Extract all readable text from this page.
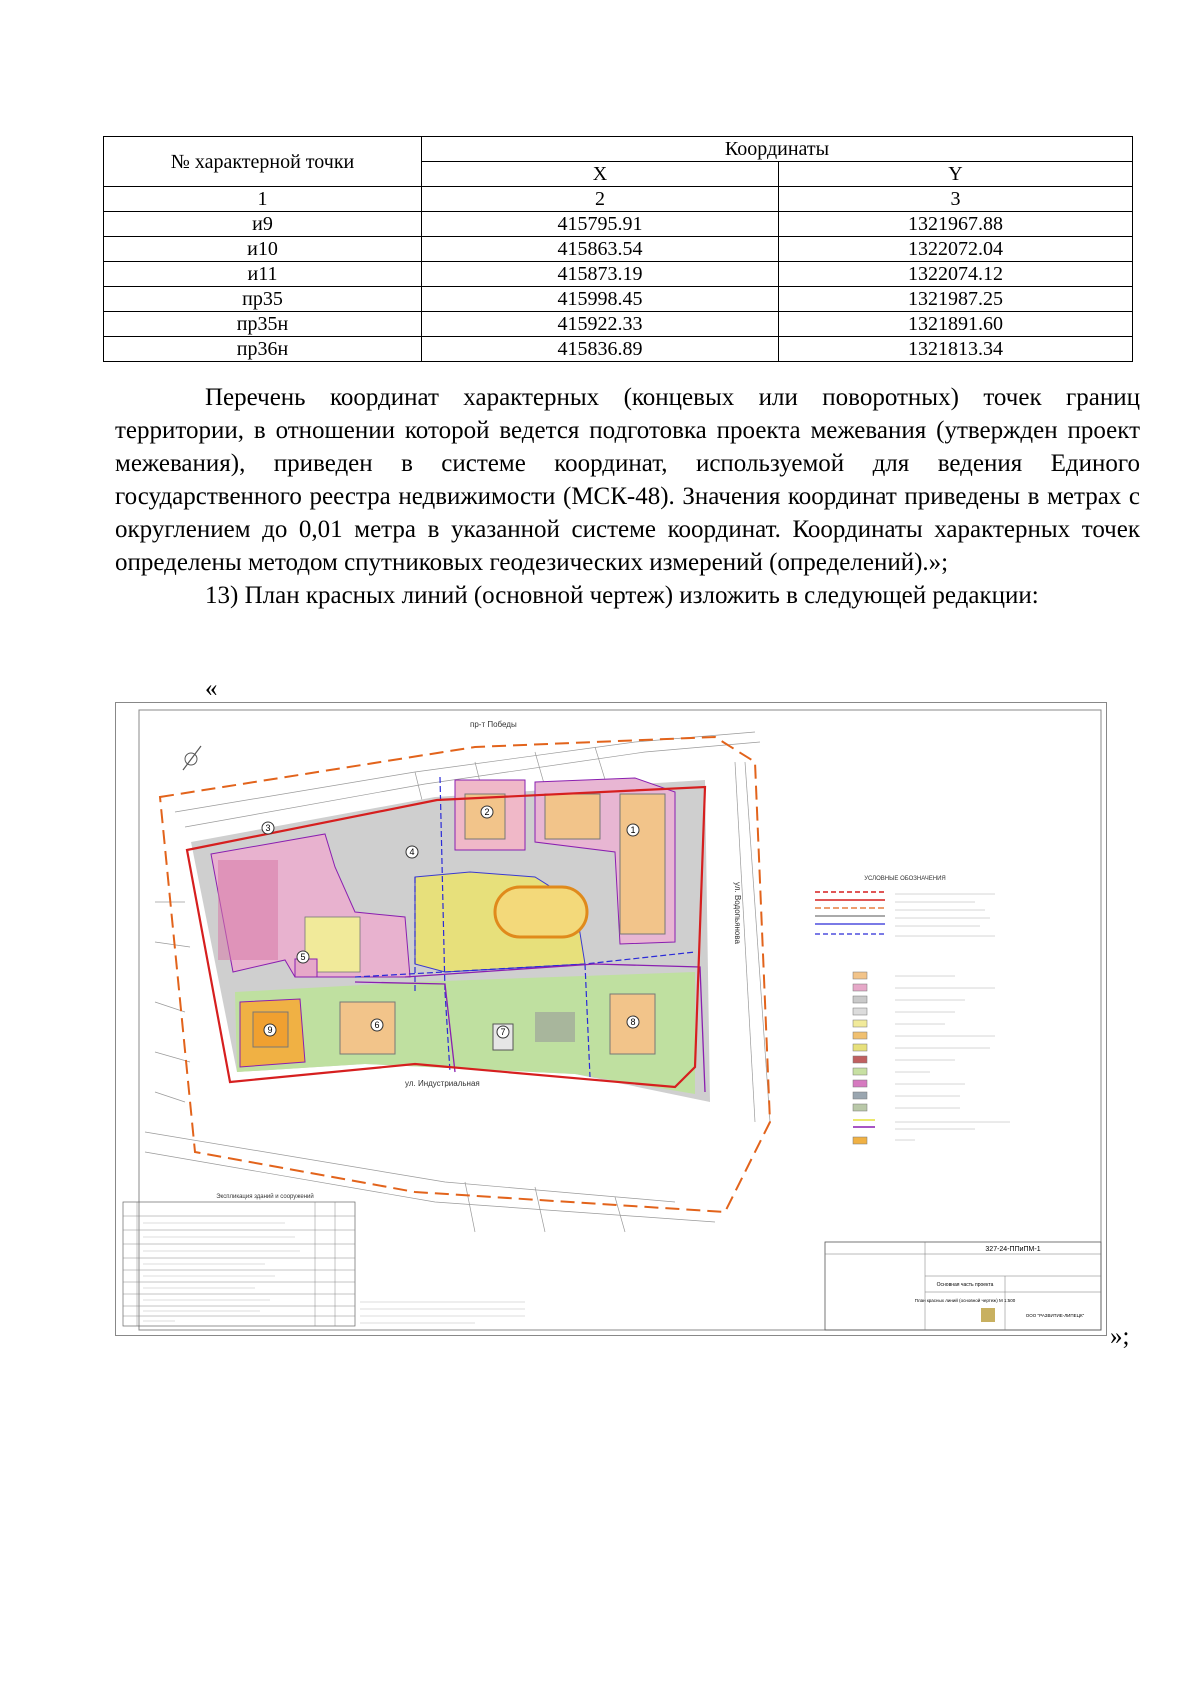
№ характерной точки	Координаты	
	X	Y
1	2	3
и9	415795.91	1321967.88
и10	415863.54	1322072.04
и11	415873.19	1322074.12
пр35	415998.45	1321987.25
пр35н	415922.33	1321891.60
пр36н	415836.89	1321813.34

Перечень координат характерных (концевых или поворотных) точек границ территории, в отношении которой ведется подготовка проекта межевания (утвержден проект межевания), приведен в системе координат, используемой для ведения Единого государственного реестра недвижимости (МСК-48). Значения координат приведены в метрах с округлением до 0,01 метра в указанной системе координат. Координаты характерных точек определены методом спутниковых геодезических измерений (определений).»;

13) План красных линий (основной чертеж) изложить в следующей редакции:

«
1
2
3
4
5
6
7
8
9
пр-т Победы
ул. Индустриальная
ул. Водопьянова
УСЛОВНЫЕ ОБОЗНАЧЕНИЯ
Экспликация зданий и сооружений
327-24-ППиПМ-1
Основная часть проекта
План красных линий (основной чертеж) М 1:500
ООО "РАЗВИТИЕ-ЛИПЕЦК"
»;
